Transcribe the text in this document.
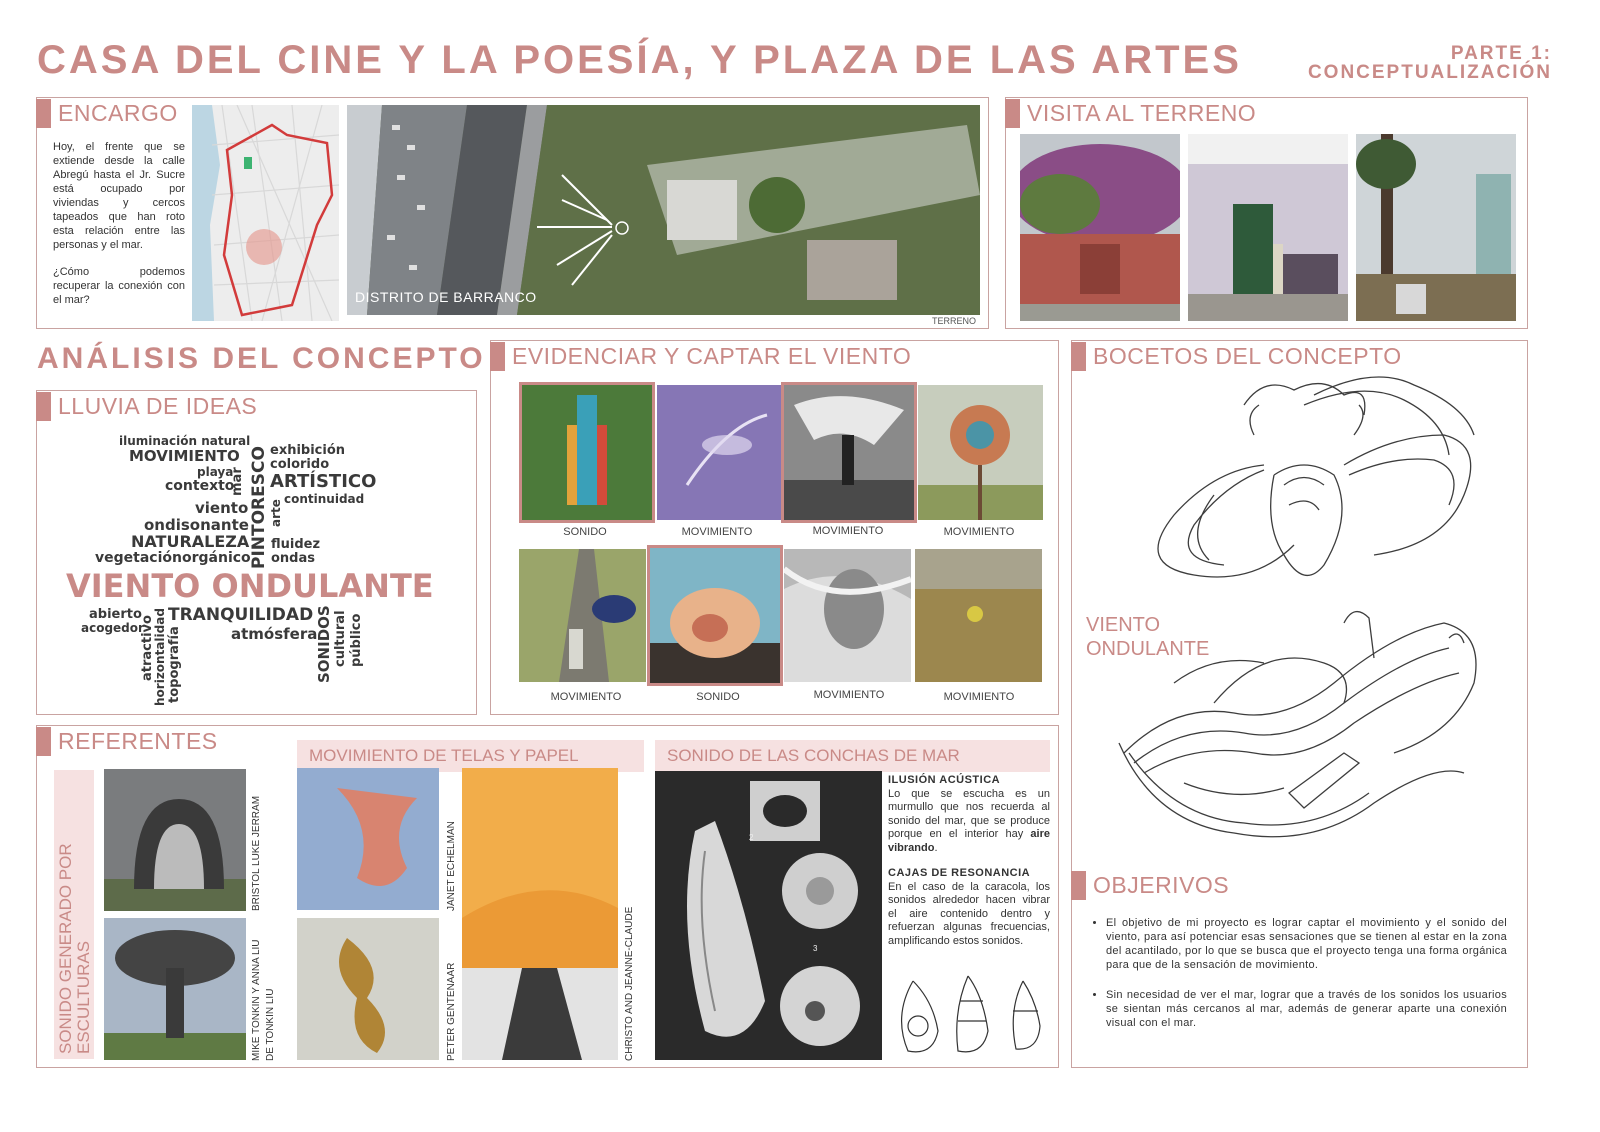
CASA DEL CINE Y LA POESÍA, Y PLAZA DE LAS ARTES	PARTE 1:
CONCEPTUALIZACIÓN
ENCARGO

Hoy, el frente que se extiende desde la calle Abregú hasta el Jr. Sucre está ocupado por viviendas y cercos tapeados que han roto esta relación entre las personas y el mar.

¿Cómo podemos recuperar la conexión con el mar?	DISTRITO DE BARRANCO
TERRENO
VISITA AL TERRENO
ANÁLISIS DEL CONCEPTO
LLUVIA DE IDEAS
iluminación natural
MOVIMIENTO
playa
contexto
mar PINTORESCO exhibición
colorido
ARTÍSTICO
continuidad
arte
viento
ondisonante
NATURALEZA
vegetación orgánico
fluidez
ondas
VIENTO ONDULANTE
abierto
acogedor
TRANQUILIDAD
atmósfera
atractivo
horizontalidad topografía	SONIDOS cultural público
EVIDENCIAR Y CAPTAR EL VIENTO
SONIDO	MOVIMIENTO	MOVIMIENTO	MOVIMIENTO
MOVIMIENTO	SONIDO	MOVIMIENTO	MOVIMIENTO
BOCETOS DEL CONCEPTO
VIENTO
ONDULANTE
OBJERIVOS
• El objetivo de mi proyecto es lograr captar el movimiento y el sonido del viento, para así potenciar esas sensaciones que se tienen al estar en la zona del acantilado, por lo que se busca que el proyecto tenga una forma orgánica para que de la sensación de movimiento.
• Sin necesidad de ver el mar, lograr que a través de los sonidos los usuarios se sientan más cercanos al mar, además de generar aparte una conexión visual con el mar.
REFERENTES
SONIDO GENERADO POR ESCULTURAS
BRISTOL LUKE JERRAM
MIKE TONKIN Y ANNA LIU DE TONKIN LIU
MOVIMIENTO DE TELAS Y PAPEL
JANET ECHELMAN
PETER GENTENAAR	CHRISTO AND JEANNE-CLAUDE
SONIDO DE LAS CONCHAS DE MAR
2
3
ILUSIÓN ACÚSTICA

Lo que se escucha es un murmullo que nos recuerda al sonido del mar, que se produce porque en el interior hay aire vibrando.

CAJAS DE RESONANCIA

En el caso de la caracola, los sonidos alrededor hacen vibrar el aire contenido dentro y refuerzan algunas frecuencias, amplificando estos sonidos.
